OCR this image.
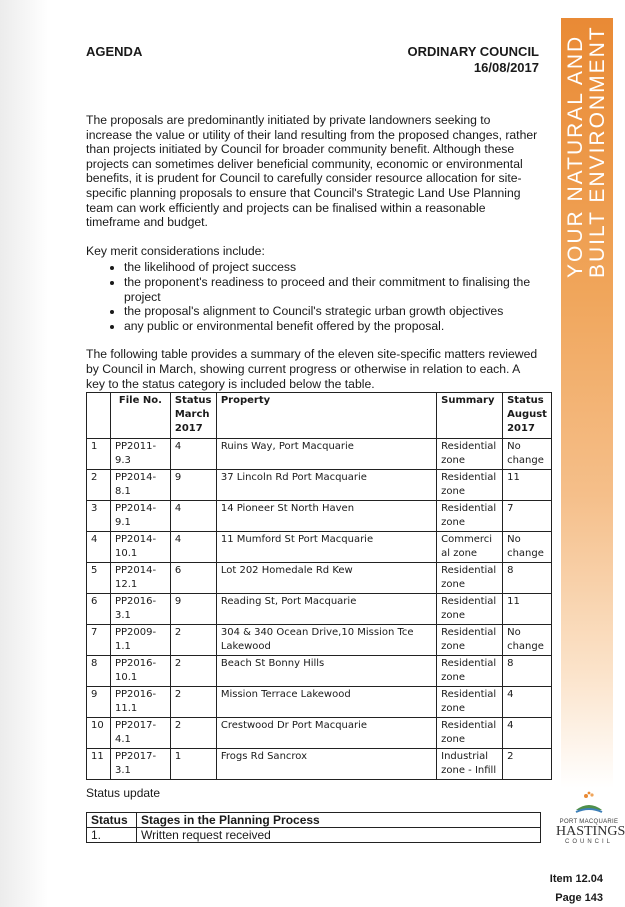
AGENDA	ORDINARY COUNCIL
16/08/2017

The proposals are predominantly initiated by private landowners seeking to increase the value or utility of their land resulting from the proposed changes, rather than projects initiated by Council for broader community benefit. Although these projects can sometimes deliver beneficial community, economic or environmental benefits, it is prudent for Council to carefully consider resource allocation for site-specific planning proposals to ensure that Council's Strategic Land Use Planning team can work efficiently and projects can be finalised within a reasonable timeframe and budget.

Key merit considerations include:

• the likelihood of project success
• the proponent's readiness to proceed and their commitment to finalising the project
• the proposal's alignment to Council's strategic urban growth objectives
• any public or environmental benefit offered by the proposal.

The following table provides a summary of the eleven site-specific matters reviewed by Council in March, showing current progress or otherwise in relation to each. A key to the status category is included below the table.

	File No.	Status March 2017	Property	Summary	Status August 2017
1	PP2011-9.3	4	Ruins Way, Port Macquarie	Residential zone	No change
2	PP2014-8.1	9	37 Lincoln Rd Port Macquarie	Residential zone	11
3	PP2014-9.1	4	14 Pioneer St North Haven	Residential zone	7
4	PP2014-10.1	4	11 Mumford St Port Macquarie	Commerci al zone	No change
5	PP2014-12.1	6	Lot 202 Homedale Rd Kew	Residential zone	8
6	PP2016-3.1	9	Reading St, Port Macquarie	Residential zone	11
7	PP2009-1.1	2	304 & 340 Ocean Drive,10 Mission Tce Lakewood	Residential zone	No change
8	PP2016-10.1	2	Beach St Bonny Hills	Residential zone	8
9	PP2016-11.1	2	Mission Terrace Lakewood	Residential zone	4
10	PP2017-4.1	2	Crestwood Dr Port Macquarie	Residential zone	4
11	PP2017-3.1	1	Frogs Rd Sancrox	Industrial zone - Infill	2
Status update
Status	Stages in the Planning Process
1.	Written request received
YOUR NATURAL AND BUILT ENVIRONMENT
PORT MACQUARIE
HASTINGS
COUNCIL
Item 12.04
Page 143
